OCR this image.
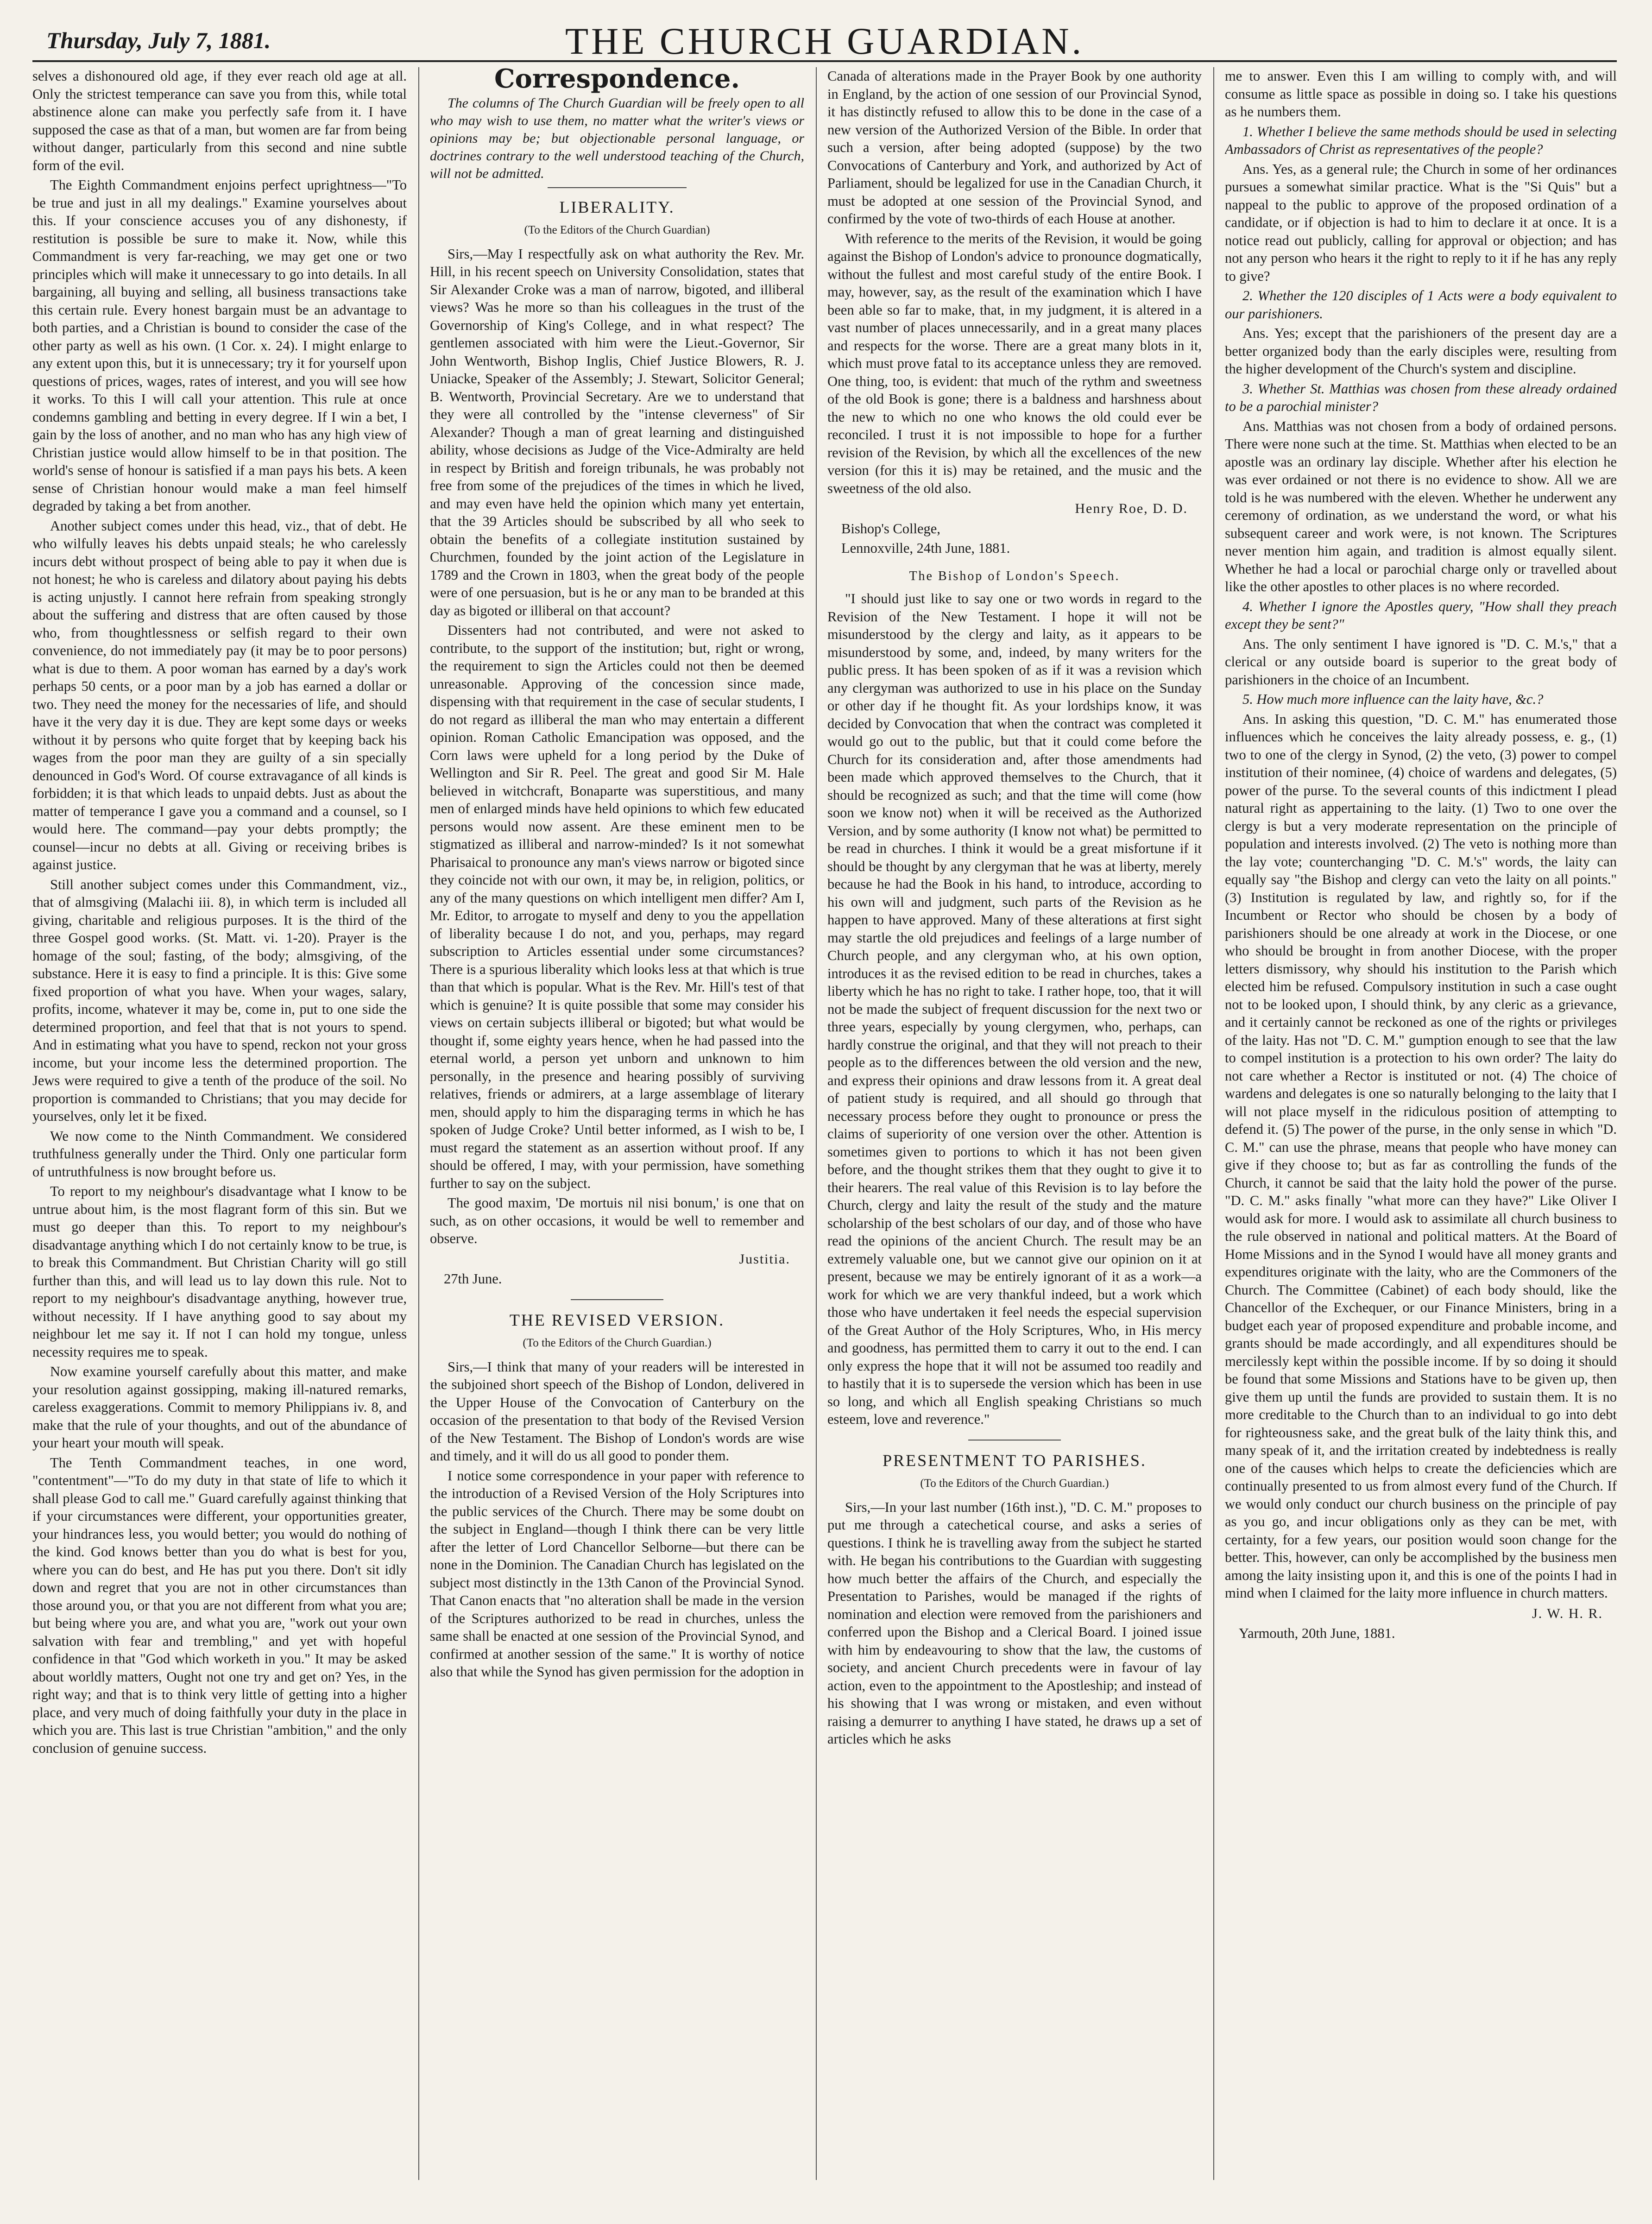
Thursday, July 7, 1881.	THE CHURCH GUARDIAN.

selves a dishonoured old age, if they ever reach old age at all. Only the strictest temperance can save you from this, while total abstinence alone can make you perfectly safe from it. I have supposed the case as that of a man, but women are far from being without danger, particularly from this second and nine subtle form of the evil.

The Eighth Commandment enjoins perfect uprightness—"To be true and just in all my dealings." Examine yourselves about this. If your conscience accuses you of any dishonesty, if restitution is possible be sure to make it. Now, while this Commandment is very far-reaching, we may get one or two principles which will make it unnecessary to go into details. In all bargaining, all buying and selling, all business transactions take this certain rule. Every honest bargain must be an advantage to both parties, and a Christian is bound to consider the case of the other party as well as his own. (1 Cor. x. 24). I might enlarge to any extent upon this, but it is unnecessary; try it for yourself upon questions of prices, wages, rates of interest, and you will see how it works. To this I will call your attention. This rule at once condemns gambling and betting in every degree. If I win a bet, I gain by the loss of another, and no man who has any high view of Christian justice would allow himself to be in that position. The world's sense of honour is satisfied if a man pays his bets. A keen sense of Christian honour would make a man feel himself degraded by taking a bet from another.

Another subject comes under this head, viz., that of debt. He who wilfully leaves his debts unpaid steals; he who carelessly incurs debt without prospect of being able to pay it when due is not honest; he who is careless and dilatory about paying his debts is acting unjustly. I cannot here refrain from speaking strongly about the suffering and distress that are often caused by those who, from thoughtlessness or selfish regard to their own convenience, do not immediately pay (it may be to poor persons) what is due to them. A poor woman has earned by a day's work perhaps 50 cents, or a poor man by a job has earned a dollar or two. They need the money for the necessaries of life, and should have it the very day it is due. They are kept some days or weeks without it by persons who quite forget that by keeping back his wages from the poor man they are guilty of a sin specially denounced in God's Word. Of course extravagance of all kinds is forbidden; it is that which leads to unpaid debts. Just as about the matter of temperance I gave you a command and a counsel, so I would here. The command—pay your debts promptly; the counsel—incur no debts at all. Giving or receiving bribes is against justice.

Still another subject comes under this Commandment, viz., that of almsgiving (Malachi iii. 8), in which term is included all giving, charitable and religious purposes. It is the third of the three Gospel good works. (St. Matt. vi. 1-20). Prayer is the homage of the soul; fasting, of the body; almsgiving, of the substance. Here it is easy to find a principle. It is this: Give some fixed proportion of what you have. When your wages, salary, profits, income, whatever it may be, come in, put to one side the determined proportion, and feel that that is not yours to spend. And in estimating what you have to spend, reckon not your gross income, but your income less the determined proportion. The Jews were required to give a tenth of the produce of the soil. No proportion is commanded to Christians; that you may decide for yourselves, only let it be fixed.

We now come to the Ninth Commandment. We considered truthfulness generally under the Third. Only one particular form of untruthfulness is now brought before us.

To report to my neighbour's disadvantage what I know to be untrue about him, is the most flagrant form of this sin. But we must go deeper than this. To report to my neighbour's disadvantage anything which I do not certainly know to be true, is to break this Commandment. But Christian Charity will go still further than this, and will lead us to lay down this rule. Not to report to my neighbour's disadvantage anything, however true, without necessity. If I have anything good to say about my neighbour let me say it. If not I can hold my tongue, unless necessity requires me to speak.

Now examine yourself carefully about this matter, and make your resolution against gossipping, making ill-natured remarks, careless exaggerations. Commit to memory Philippians iv. 8, and make that the rule of your thoughts, and out of the abundance of your heart your mouth will speak.

The Tenth Commandment teaches, in one word, "contentment"—"To do my duty in that state of life to which it shall please God to call me." Guard carefully against thinking that if your circumstances were different, your opportunities greater, your hindrances less, you would better; you would do nothing of the kind. God knows better than you do what is best for you, where you can do best, and He has put you there. Don't sit idly down and regret that you are not in other circumstances than those around you, or that you are not different from what you are; but being where you are, and what you are, "work out your own salvation with fear and trembling," and yet with hopeful confidence in that "God which worketh in you." It may be asked about worldly matters, Ought not one try and get on? Yes, in the right way; and that is to think very little of getting into a higher place, and very much of doing faithfully your duty in the place in which you are. This last is true Christian "ambition," and the only conclusion of genuine success.

Correspondence.

The columns of The Church Guardian will be freely open to all who may wish to use them, no matter what the writer's views or opinions may be; but objectionable personal language, or doctrines contrary to the well understood teaching of the Church, will not be admitted.

LIBERALITY.
(To the Editors of the Church Guardian)

Sirs,—May I respectfully ask on what authority the Rev. Mr. Hill, in his recent speech on University Consolidation, states that Sir Alexander Croke was a man of narrow, bigoted, and illiberal views? Was he more so than his colleagues in the trust of the Governorship of King's College, and in what respect? The gentlemen associated with him were the Lieut.-Governor, Sir John Wentworth, Bishop Inglis, Chief Justice Blowers, R. J. Uniacke, Speaker of the Assembly; J. Stewart, Solicitor General; B. Wentworth, Provincial Secretary. Are we to understand that they were all controlled by the "intense cleverness" of Sir Alexander? Though a man of great learning and distinguished ability, whose decisions as Judge of the Vice-Admiralty are held in respect by British and foreign tribunals, he was probably not free from some of the prejudices of the times in which he lived, and may even have held the opinion which many yet entertain, that the 39 Articles should be subscribed by all who seek to obtain the benefits of a collegiate institution sustained by Churchmen, founded by the joint action of the Legislature in 1789 and the Crown in 1803, when the great body of the people were of one persuasion, but is he or any man to be branded at this day as bigoted or illiberal on that account?

Dissenters had not contributed, and were not asked to contribute, to the support of the institution; but, right or wrong, the requirement to sign the Articles could not then be deemed unreasonable. Approving of the concession since made, dispensing with that requirement in the case of secular students, I do not regard as illiberal the man who may entertain a different opinion. Roman Catholic Emancipation was opposed, and the Corn laws were upheld for a long period by the Duke of Wellington and Sir R. Peel. The great and good Sir M. Hale believed in witchcraft, Bonaparte was superstitious, and many men of enlarged minds have held opinions to which few educated persons would now assent. Are these eminent men to be stigmatized as illiberal and narrow-minded? Is it not somewhat Pharisaical to pronounce any man's views narrow or bigoted since they coincide not with our own, it may be, in religion, politics, or any of the many questions on which intelligent men differ? Am I, Mr. Editor, to arrogate to myself and deny to you the appellation of liberality because I do not, and you, perhaps, may regard subscription to Articles essential under some circumstances? There is a spurious liberality which looks less at that which is true than that which is popular. What is the Rev. Mr. Hill's test of that which is genuine? It is quite possible that some may consider his views on certain subjects illiberal or bigoted; but what would be thought if, some eighty years hence, when he had passed into the eternal world, a person yet unborn and unknown to him personally, in the presence and hearing possibly of surviving relatives, friends or admirers, at a large assemblage of literary men, should apply to him the disparaging terms in which he has spoken of Judge Croke? Until better informed, as I wish to be, I must regard the statement as an assertion without proof. If any should be offered, I may, with your permission, have something further to say on the subject.

The good maxim, 'De mortuis nil nisi bonum,' is one that on such, as on other occasions, it would be well to remember and observe.

Justitia.

27th June.

THE REVISED VERSION.
(To the Editors of the Church Guardian.)

Sirs,—I think that many of your readers will be interested in the subjoined short speech of the Bishop of London, delivered in the Upper House of the Convocation of Canterbury on the occasion of the presentation to that body of the Revised Version of the New Testament. The Bishop of London's words are wise and timely, and it will do us all good to ponder them.

I notice some correspondence in your paper with reference to the introduction of a Revised Version of the Holy Scriptures into the public services of the Church. There may be some doubt on the subject in England—though I think there can be very little after the letter of Lord Chancellor Selborne—but there can be none in the Dominion. The Canadian Church has legislated on the subject most distinctly in the 13th Canon of the Provincial Synod. That Canon enacts that "no alteration shall be made in the version of the Scriptures authorized to be read in churches, unless the same shall be enacted at one session of the Provincial Synod, and confirmed at another session of the same." It is worthy of notice also that while the Synod has given permission for the adoption in

Canada of alterations made in the Prayer Book by one authority in England, by the action of one session of our Provincial Synod, it has distinctly refused to allow this to be done in the case of a new version of the Authorized Version of the Bible. In order that such a version, after being adopted (suppose) by the two Convocations of Canterbury and York, and authorized by Act of Parliament, should be legalized for use in the Canadian Church, it must be adopted at one session of the Provincial Synod, and confirmed by the vote of two-thirds of each House at another.

With reference to the merits of the Revision, it would be going against the Bishop of London's advice to pronounce dogmatically, without the fullest and most careful study of the entire Book. I may, however, say, as the result of the examination which I have been able so far to make, that, in my judgment, it is altered in a vast number of places unnecessarily, and in a great many places and respects for the worse. There are a great many blots in it, which must prove fatal to its acceptance unless they are removed. One thing, too, is evident: that much of the rythm and sweetness of the old Book is gone; there is a baldness and harshness about the new to which no one who knows the old could ever be reconciled. I trust it is not impossible to hope for a further revision of the Revision, by which all the excellences of the new version (for this it is) may be retained, and the music and the sweetness of the old also.

Henry Roe, D. D.

Bishop's College,

Lennoxville, 24th June, 1881.

The Bishop of London's Speech.

"I should just like to say one or two words in regard to the Revision of the New Testament. I hope it will not be misunderstood by the clergy and laity, as it appears to be misunderstood by some, and, indeed, by many writers for the public press. It has been spoken of as if it was a revision which any clergyman was authorized to use in his place on the Sunday or other day if he thought fit. As your lordships know, it was decided by Convocation that when the contract was completed it would go out to the public, but that it could come before the Church for its consideration and, after those amendments had been made which approved themselves to the Church, that it should be recognized as such; and that the time will come (how soon we know not) when it will be received as the Authorized Version, and by some authority (I know not what) be permitted to be read in churches. I think it would be a great misfortune if it should be thought by any clergyman that he was at liberty, merely because he had the Book in his hand, to introduce, according to his own will and judgment, such parts of the Revision as he happen to have approved. Many of these alterations at first sight may startle the old prejudices and feelings of a large number of Church people, and any clergyman who, at his own option, introduces it as the revised edition to be read in churches, takes a liberty which he has no right to take. I rather hope, too, that it will not be made the subject of frequent discussion for the next two or three years, especially by young clergymen, who, perhaps, can hardly construe the original, and that they will not preach to their people as to the differences between the old version and the new, and express their opinions and draw lessons from it. A great deal of patient study is required, and all should go through that necessary process before they ought to pronounce or press the claims of superiority of one version over the other. Attention is sometimes given to portions to which it has not been given before, and the thought strikes them that they ought to give it to their hearers. The real value of this Revision is to lay before the Church, clergy and laity the result of the study and the mature scholarship of the best scholars of our day, and of those who have read the opinions of the ancient Church. The result may be an extremely valuable one, but we cannot give our opinion on it at present, because we may be entirely ignorant of it as a work—a work for which we are very thankful indeed, but a work which those who have undertaken it feel needs the especial supervision of the Great Author of the Holy Scriptures, Who, in His mercy and goodness, has permitted them to carry it out to the end. I can only express the hope that it will not be assumed too readily and to hastily that it is to supersede the version which has been in use so long, and which all English speaking Christians so much esteem, love and reverence."

PRESENTMENT TO PARISHES.
(To the Editors of the Church Guardian.)

Sirs,—In your last number (16th inst.), "D. C. M." proposes to put me through a catechetical course, and asks a series of questions. I think he is travelling away from the subject he started with. He began his contributions to the Guardian with suggesting how much better the affairs of the Church, and especially the Presentation to Parishes, would be managed if the rights of nomination and election were removed from the parishioners and conferred upon the Bishop and a Clerical Board. I joined issue with him by endeavouring to show that the law, the customs of society, and ancient Church precedents were in favour of lay action, even to the appointment to the Apostleship; and instead of his showing that I was wrong or mistaken, and even without raising a demurrer to anything I have stated, he draws up a set of articles which he asks

me to answer. Even this I am willing to comply with, and will consume as little space as possible in doing so. I take his questions as he numbers them.

1. Whether I believe the same methods should be used in selecting Ambassadors of Christ as representatives of the people?

Ans. Yes, as a general rule; the Church in some of her ordinances pursues a somewhat similar practice. What is the "Si Quis" but a nappeal to the public to approve of the proposed ordination of a candidate, or if objection is had to him to declare it at once. It is a notice read out publicly, calling for approval or objection; and has not any person who hears it the right to reply to it if he has any reply to give?

2. Whether the 120 disciples of 1 Acts were a body equivalent to our parishioners.

Ans. Yes; except that the parishioners of the present day are a better organized body than the early disciples were, resulting from the higher development of the Church's system and discipline.

3. Whether St. Matthias was chosen from these already ordained to be a parochial minister?

Ans. Matthias was not chosen from a body of ordained persons. There were none such at the time. St. Matthias when elected to be an apostle was an ordinary lay disciple. Whether after his election he was ever ordained or not there is no evidence to show. All we are told is he was numbered with the eleven. Whether he underwent any ceremony of ordination, as we understand the word, or what his subsequent career and work were, is not known. The Scriptures never mention him again, and tradition is almost equally silent. Whether he had a local or parochial charge only or travelled about like the other apostles to other places is no where recorded.

4. Whether I ignore the Apostles query, "How shall they preach except they be sent?"

Ans. The only sentiment I have ignored is "D. C. M.'s," that a clerical or any outside board is superior to the great body of parishioners in the choice of an Incumbent.

5. How much more influence can the laity have, &c.?

Ans. In asking this question, "D. C. M." has enumerated those influences which he conceives the laity already possess, e. g., (1) two to one of the clergy in Synod, (2) the veto, (3) power to compel institution of their nominee, (4) choice of wardens and delegates, (5) power of the purse. To the several counts of this indictment I plead natural right as appertaining to the laity. (1) Two to one over the clergy is but a very moderate representation on the principle of population and interests involved. (2) The veto is nothing more than the lay vote; counterchanging "D. C. M.'s" words, the laity can equally say "the Bishop and clergy can veto the laity on all points." (3) Institution is regulated by law, and rightly so, for if the Incumbent or Rector who should be chosen by a body of parishioners should be one already at work in the Diocese, or one who should be brought in from another Diocese, with the proper letters dismissory, why should his institution to the Parish which elected him be refused. Compulsory institution in such a case ought not to be looked upon, I should think, by any cleric as a grievance, and it certainly cannot be reckoned as one of the rights or privileges of the laity. Has not "D. C. M." gumption enough to see that the law to compel institution is a protection to his own order? The laity do not care whether a Rector is instituted or not. (4) The choice of wardens and delegates is one so naturally belonging to the laity that I will not place myself in the ridiculous position of attempting to defend it. (5) The power of the purse, in the only sense in which "D. C. M." can use the phrase, means that people who have money can give if they choose to; but as far as controlling the funds of the Church, it cannot be said that the laity hold the power of the purse. "D. C. M." asks finally "what more can they have?" Like Oliver I would ask for more. I would ask to assimilate all church business to the rule observed in national and political matters. At the Board of Home Missions and in the Synod I would have all money grants and expenditures originate with the laity, who are the Commoners of the Church. The Committee (Cabinet) of each body should, like the Chancellor of the Exchequer, or our Finance Ministers, bring in a budget each year of proposed expenditure and probable income, and grants should be made accordingly, and all expenditures should be mercilessly kept within the possible income. If by so doing it should be found that some Missions and Stations have to be given up, then give them up until the funds are provided to sustain them. It is no more creditable to the Church than to an individual to go into debt for righteousness sake, and the great bulk of the laity think this, and many speak of it, and the irritation created by indebtedness is really one of the causes which helps to create the deficiencies which are continually presented to us from almost every fund of the Church. If we would only conduct our church business on the principle of pay as you go, and incur obligations only as they can be met, with certainty, for a few years, our position would soon change for the better. This, however, can only be accomplished by the business men among the laity insisting upon it, and this is one of the points I had in mind when I claimed for the laity more influence in church matters.

J. W. H. R.

Yarmouth, 20th June, 1881.
